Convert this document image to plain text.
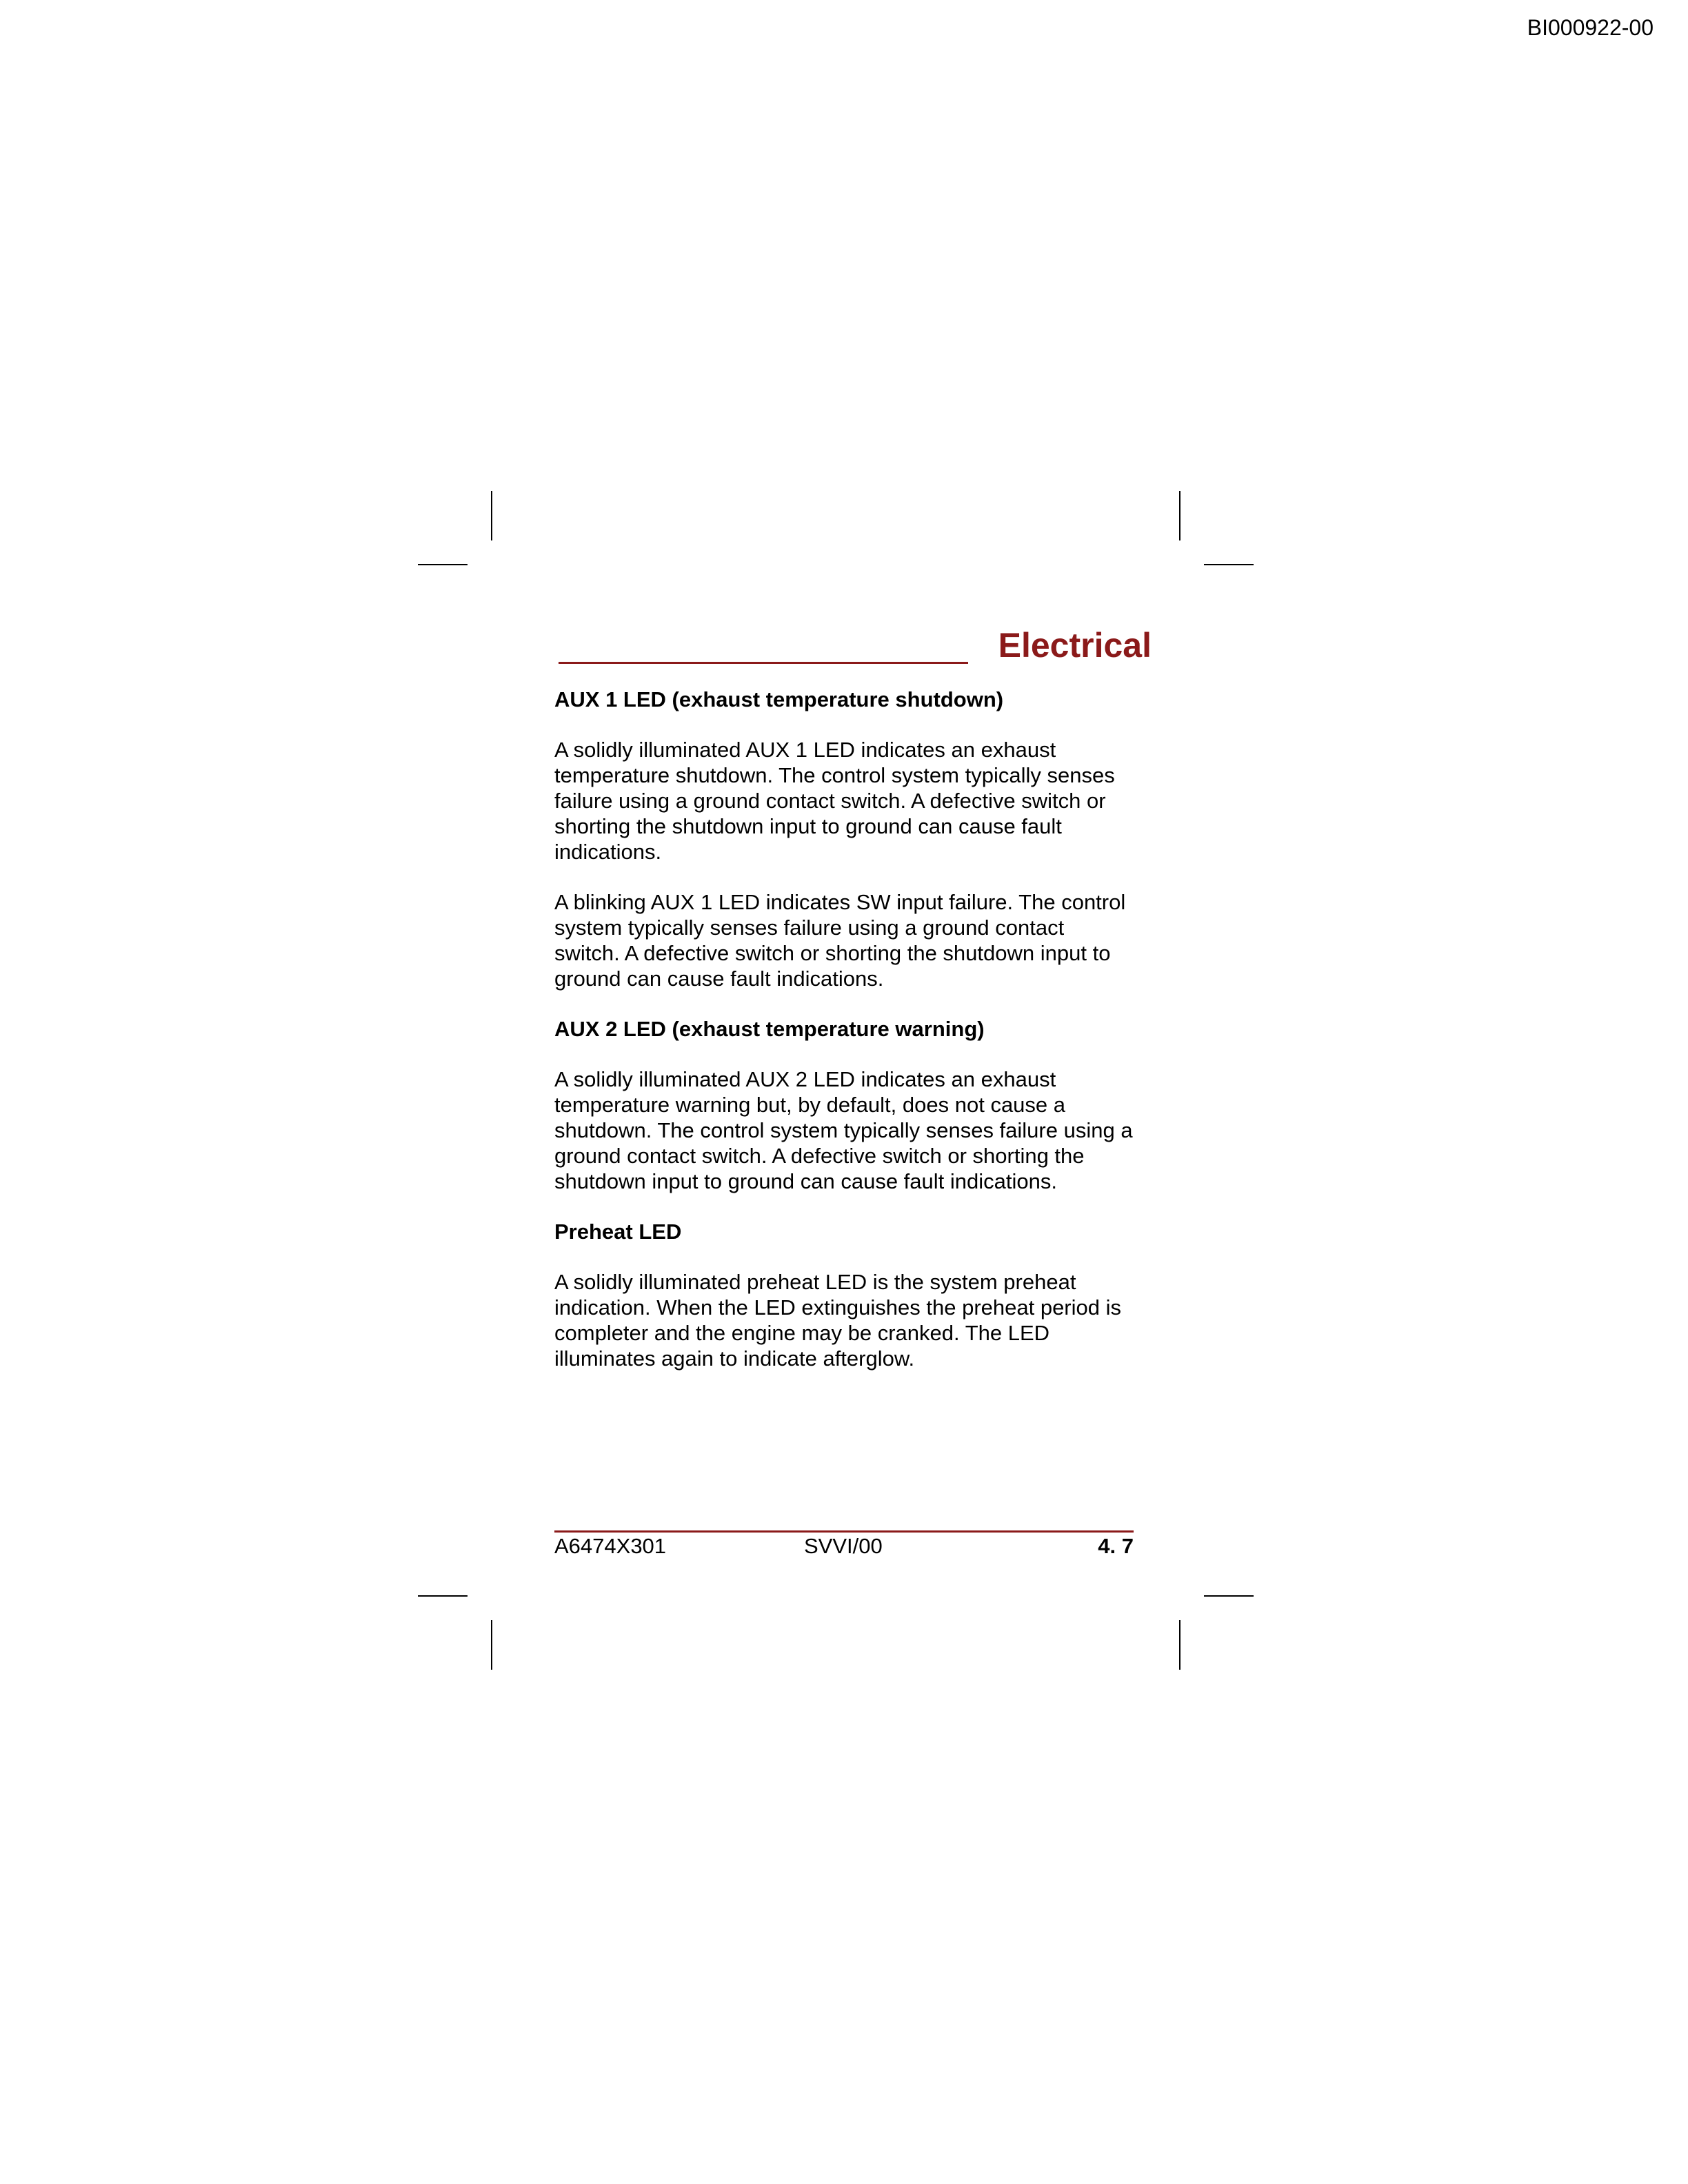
BI000922-00
Electrical
AUX 1 LED (exhaust temperature shutdown)

A solidly illuminated AUX 1 LED indicates an exhaust temperature shutdown. The control system typically senses failure using a ground contact switch. A defective switch or shorting the shutdown input to ground can cause fault indications.

A blinking AUX 1 LED indicates SW input failure. The control system typically senses failure using a ground contact switch. A defective switch or shorting the shutdown input to ground can cause fault indications.

AUX 2 LED (exhaust temperature warning)

A solidly illuminated AUX 2 LED indicates an exhaust temperature warning but, by default, does not cause a shutdown. The control system typically senses failure using a ground contact switch. A defective switch or shorting the shutdown input to ground can cause fault indications.

Preheat LED

A solidly illuminated preheat LED is the system preheat indication. When the LED extinguishes the preheat period is completer and the engine may be cranked. The LED illuminates again to indicate afterglow.

A6474X301	SVVI/00	4. 7
